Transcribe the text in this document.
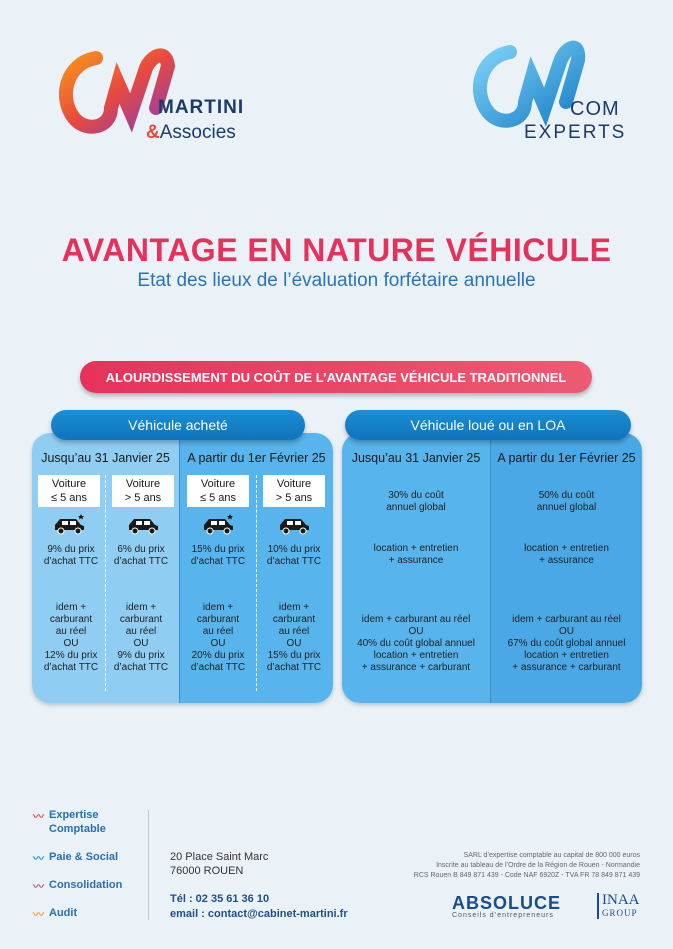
MARTINI
&Associes
COM
EXPERTS
AVANTAGE EN NATURE VÉHICULE
Etat des lieux de l’évaluation forfétaire annuelle
ALOURDISSEMENT DU COÛT DE L’AVANTAGE VÉHICULE TRADITIONNEL
Jusqu’au 31 Janvier 25
Voiture
≤ 5 ans
Voiture
> 5 ans
9% du prix
d’achat TTC
6% du prix
d’achat TTC
idem +
carburant
au réel
OU
12% du prix
d’achat TTC
idem +
carburant
au réel
OU
9% du prix
d’achat TTC
A partir du 1er Février 25
Voiture
≤ 5 ans
Voiture
> 5 ans
15% du prix
d’achat TTC
10% du prix
d’achat TTC
idem +
carburant
au réel
OU
20% du prix
d’achat TTC
idem +
carburant
au réel
OU
15% du prix
d’achat TTC
Véhicule acheté
Jusqu’au 31 Janvier 25
30% du coût
annuel global
location + entretien
+ assurance
idem + carburant au réel
OU
40% du coût global annuel
location + entretien
+ assurance + carburant
A partir du 1er Février 25
50% du coût
annuel global
location + entretien
+ assurance
idem + carburant au réel
OU
67% du coût global annuel
location + entretien
+ assurance + carburant
Véhicule loué ou en LOA
〰 Expertise
Comptable
〰 Paie & Social
〰 Consolidation
〰 Audit
20 Place Saint Marc
76000 ROUEN
Tél : 02 35 61 36 10
email : contact@cabinet-martini.fr
SARL d’expertise comptable au capital de 800 000 euros
Inscrite au tableau de l’Ordre de la Région de Rouen - Normandie
RCS Rouen B 849 871 439 - Code NAF 6920Z - TVA FR 78 849 871 439
ABSOLUCE
Conseils d’entrepreneurs
INAA
GROUP
